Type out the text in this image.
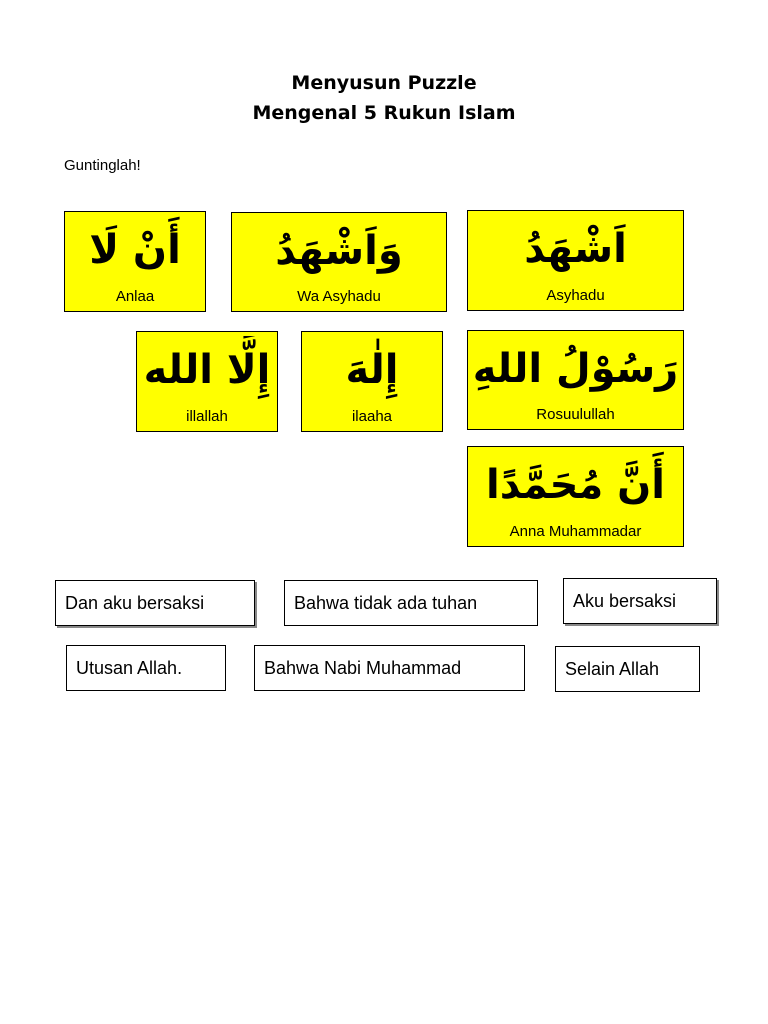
Menyusun Puzzle
Mengenal 5 Rukun Islam
Guntinglah!
أَنْ لَا
Anlaa
وَاَشْهَدُ
Wa Asyhadu
اَشْهَدُ
Asyhadu
إِلَّا الله
illallah
إِلٰهَ
ilaaha
رَسُوْلُ اللهِ
Rosuulullah
أَنَّ مُحَمَّدًا
Anna Muhammadar
Dan aku bersaksi	Bahwa tidak ada tuhan	Aku bersaksi
Utusan Allah.	Bahwa Nabi Muhammad	Selain Allah
